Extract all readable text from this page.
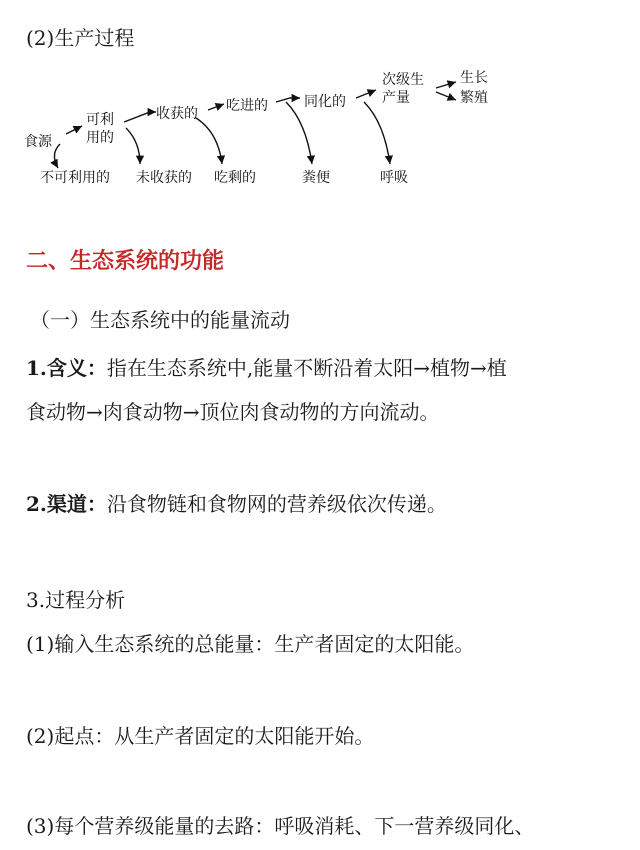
(2)生产过程
食源
可利
用的
不可利用的
收获的
未收获的
吃进的
吃剩的
同化的
粪便
次级生
产量
呼吸
生长
繁殖
二、生态系统的功能
（一）生态系统中的能量流动
1.含义：指在生态系统中,能量不断沿着太阳→植物→植
食动物→肉食动物→顶位肉食动物的方向流动。
2.渠道：沿食物链和食物网的营养级依次传递。
3.过程分析
(1)输入生态系统的总能量：生产者固定的太阳能。
(2)起点：从生产者固定的太阳能开始。
(3)每个营养级能量的去路：呼吸消耗、下一营养级同化、
